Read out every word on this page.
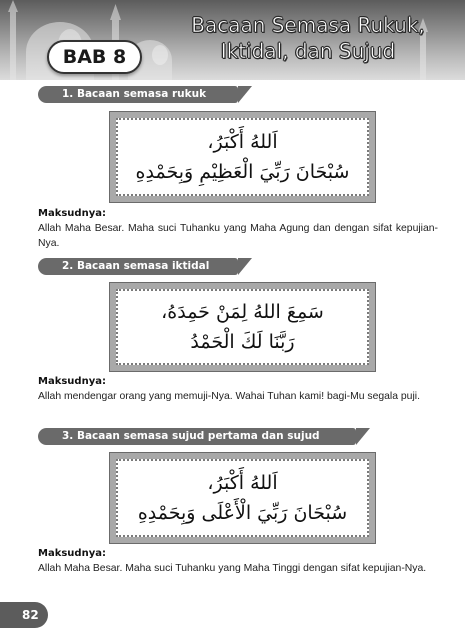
BAB 8
Bacaan Semasa Rukuk,
Iktidal, dan Sujud
1. Bacaan semasa rukuk
اَللهُ أَكْبَرُ،
سُبْحَانَ رَبِّيَ الْعَظِيْمِ وَبِحَمْدِهِ
Maksudnya:
Allah Maha Besar. Maha suci Tuhanku yang Maha Agung dan dengan sifat kepujian-Nya.
2. Bacaan semasa iktidal
سَمِعَ اللهُ لِمَنْ حَمِدَهُ،
رَبَّنَا لَكَ الْحَمْدُ
Maksudnya:
Allah mendengar orang yang memuji-Nya. Wahai Tuhan kami! bagi-Mu segala puji.
3. Bacaan semasa sujud pertama dan sujud kedua
اَللهُ أَكْبَرُ،
سُبْحَانَ رَبِّيَ الْأَعْلَى وَبِحَمْدِهِ
Maksudnya:
Allah Maha Besar. Maha suci Tuhanku yang Maha Tinggi dengan sifat kepujian-Nya.
82
